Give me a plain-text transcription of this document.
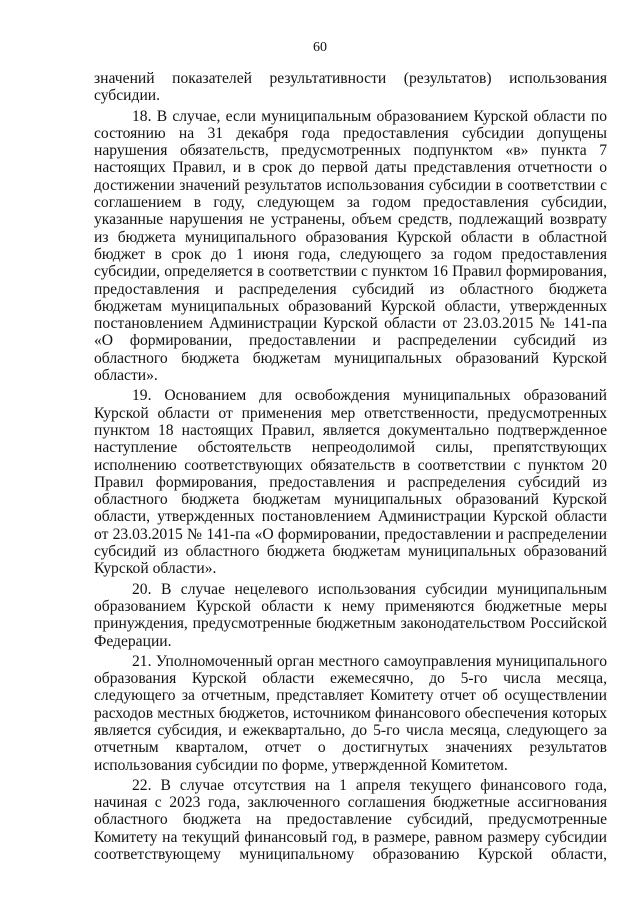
60

значений показателей результативности (результатов) использования субсидии.

18. В случае, если муниципальным образованием Курской области по состоянию на 31 декабря года предоставления субсидии допущены нарушения обязательств, предусмотренных подпунктом «в» пункта 7 настоящих Правил, и в срок до первой даты представления отчетности о достижении значений результатов использования субсидии в соответствии с соглашением в году, следующем за годом предоставления субсидии, указанные нарушения не устранены, объем средств, подлежащий возврату из бюджета муниципального образования Курской области в областной бюджет в срок до 1 июня года, следующего за годом предоставления субсидии, определяется в соответствии с пунктом 16 Правил формирования, предоставления и распределения субсидий из областного бюджета бюджетам муниципальных образований Курской области, утвержденных постановлением Администрации Курской области от 23.03.2015 № 141-па «О формировании, предоставлении и распределении субсидий из областного бюджета бюджетам муниципальных образований Курской области».

19. Основанием для освобождения муниципальных образований Курской области от применения мер ответственности, предусмотренных пунктом 18 настоящих Правил, является документально подтвержденное наступление обстоятельств непреодолимой силы, препятствующих исполнению соответствующих обязательств в соответствии с пунктом 20 Правил формирования, предоставления и распределения субсидий из областного бюджета бюджетам муниципальных образований Курской области, утвержденных постановлением Администрации Курской области от 23.03.2015 № 141-па «О формировании, предоставлении и распределении субсидий из областного бюджета бюджетам муниципальных образований Курской области».

20. В случае нецелевого использования субсидии муниципальным образованием Курской области к нему применяются бюджетные меры принуждения, предусмотренные бюджетным законодательством Российской Федерации.

21. Уполномоченный орган местного самоуправления муниципального образования Курской области ежемесячно, до 5-го числа месяца, следующего за отчетным, представляет Комитету отчет об осуществлении расходов местных бюджетов, источником финансового обеспечения которых является субсидия, и ежеквартально, до 5-го числа месяца, следующего за отчетным кварталом, отчет о достигнутых значениях результатов использования субсидии по форме, утвержденной Комитетом.

22. В случае отсутствия на 1 апреля текущего финансового года, начиная с 2023 года, заключенного соглашения бюджетные ассигнования областного бюджета на предоставление субсидий, предусмотренные Комитету на текущий финансовый год, в размере, равном размеру субсидии соответствующему муниципальному образованию Курской области,
